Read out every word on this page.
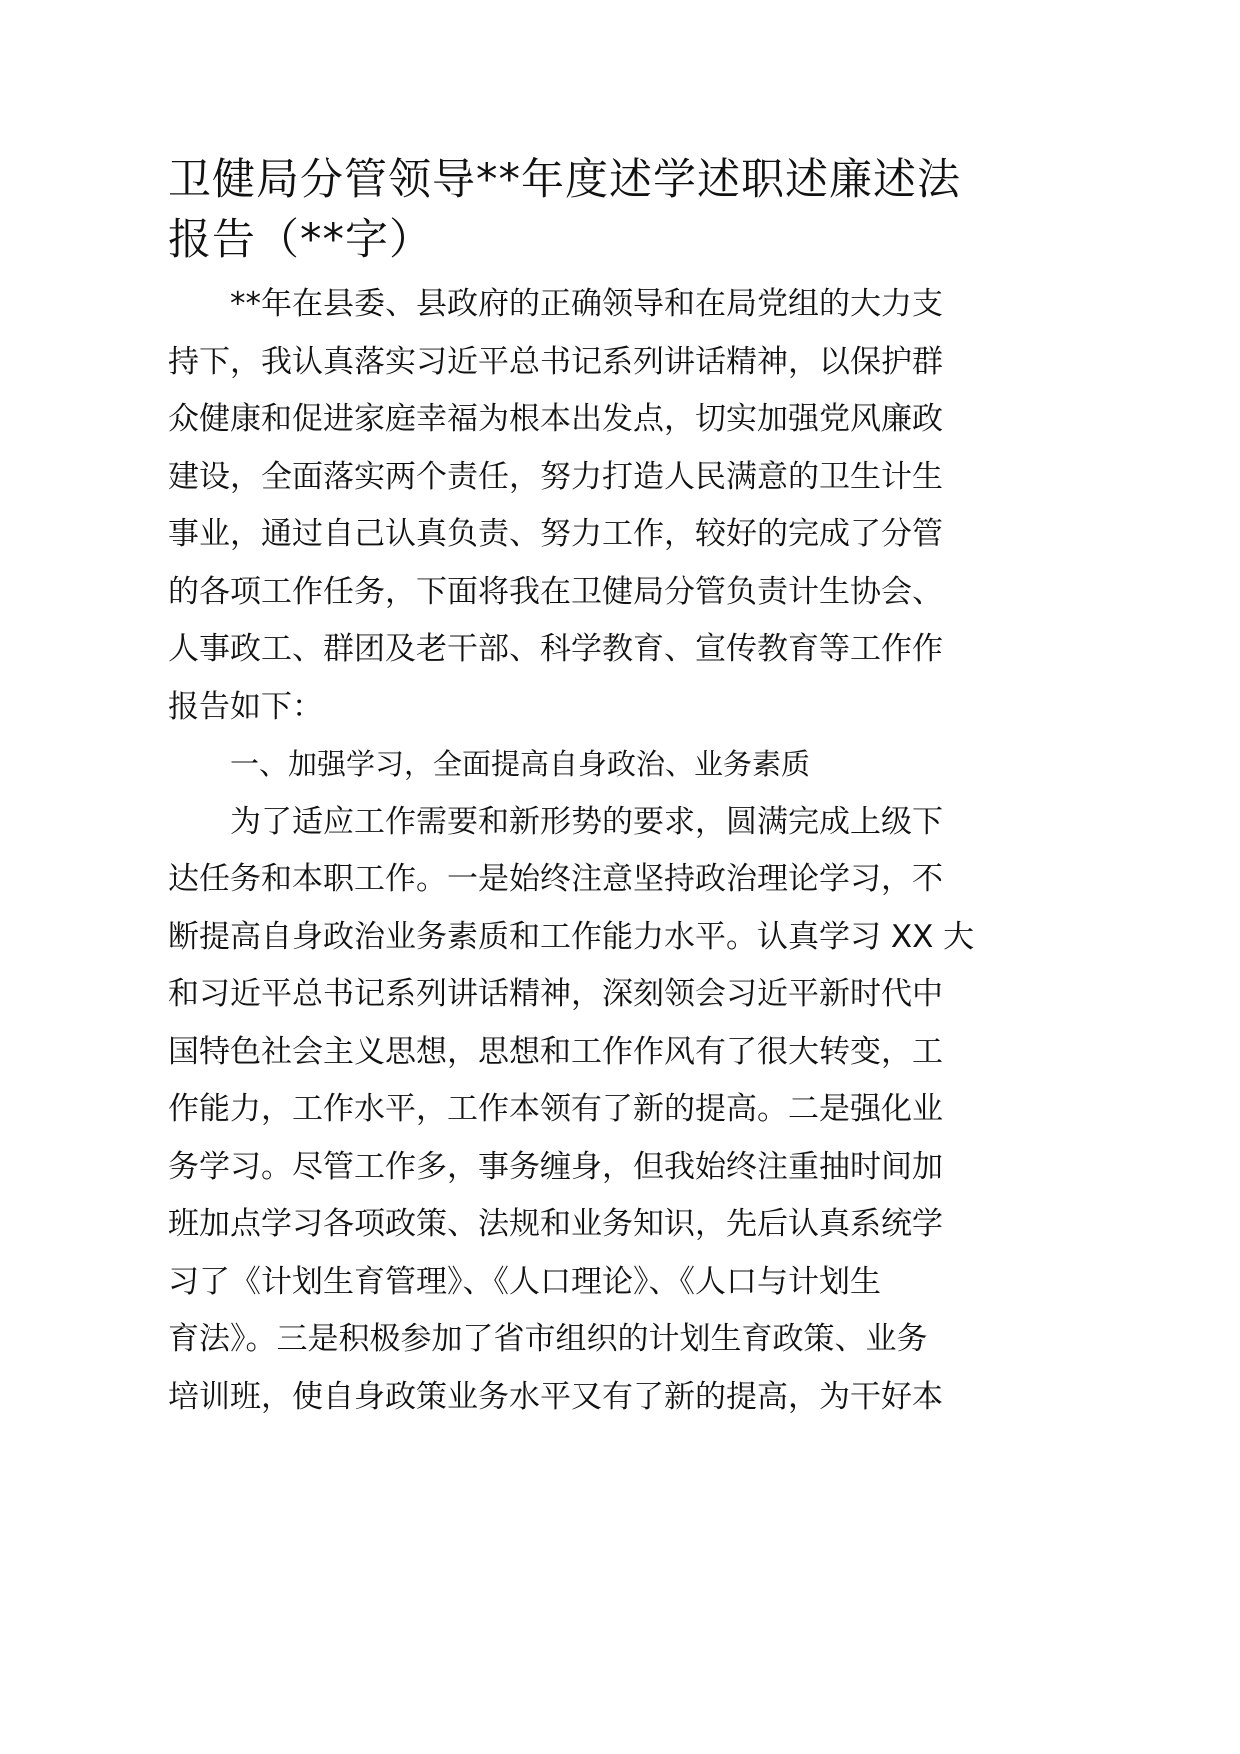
卫健局分管领导**年度述学述职述廉述法
报告（**字）

**年在县委、县政府的正确领导和在局党组的大力支
持下，我认真落实习近平总书记系列讲话精神，以保护群
众健康和促进家庭幸福为根本出发点，切实加强党风廉政
建设，全面落实两个责任，努力打造人民满意的卫生计生
事业，通过自己认真负责、努力工作，较好的完成了分管
的各项工作任务，下面将我在卫健局分管负责计生协会、
人事政工、群团及老干部、科学教育、宣传教育等工作作
报告如下：

一、加强学习，全面提高自身政治、业务素质

为了适应工作需要和新形势的要求，圆满完成上级下
达任务和本职工作。一是始终注意坚持政治理论学习，不
断提高自身政治业务素质和工作能力水平。认真学习 XX 大
和习近平总书记系列讲话精神，深刻领会习近平新时代中
国特色社会主义思想，思想和工作作风有了很大转变，工
作能力，工作水平，工作本领有了新的提高。二是强化业
务学习。尽管工作多，事务缠身，但我始终注重抽时间加
班加点学习各项政策、法规和业务知识，先后认真系统学
习了《计划生育管理》、《人口理论》、《人口与计划生
育法》。三是积极参加了省市组织的计划生育政策、业务
培训班，使自身政策业务水平又有了新的提高，为干好本
